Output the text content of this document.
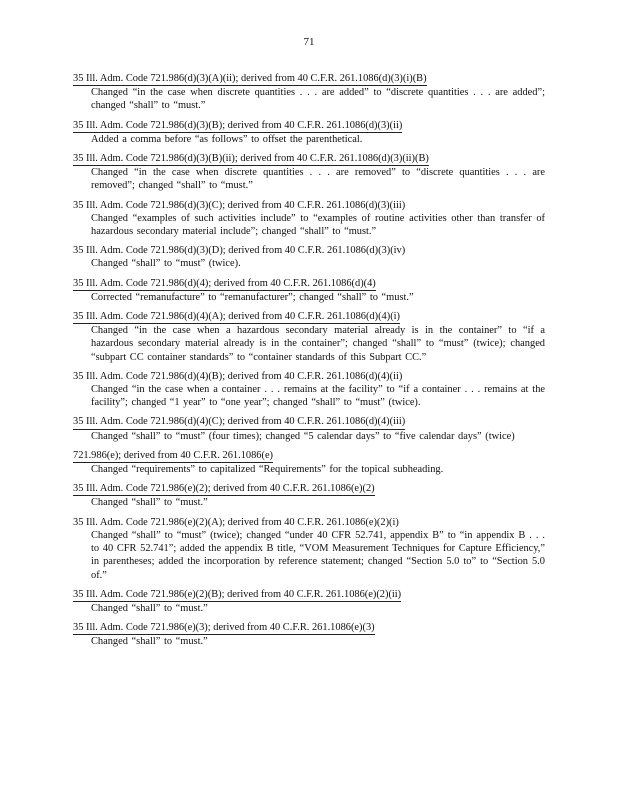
71
35 Ill. Adm. Code 721.986(d)(3)(A)(ii); derived from 40 C.F.R. 261.1086(d)(3)(i)(B)
Changed “in the case when discrete quantities . . . are added” to “discrete quantities . . . are added”; changed “shall” to “must.”
35 Ill. Adm. Code 721.986(d)(3)(B); derived from 40 C.F.R. 261.1086(d)(3)(ii)
Added a comma before “as follows” to offset the parenthetical.
35 Ill. Adm. Code 721.986(d)(3)(B)(ii); derived from 40 C.F.R. 261.1086(d)(3)(ii)(B)
Changed “in the case when discrete quantities . . . are removed” to “discrete quantities . . . are removed”; changed “shall” to “must.”
35 Ill. Adm. Code 721.986(d)(3)(C); derived from 40 C.F.R. 261.1086(d)(3)(iii)
Changed “examples of such activities include” to “examples of routine activities other than transfer of hazardous secondary material include”; changed “shall” to “must.”
35 Ill. Adm. Code 721.986(d)(3)(D); derived from 40 C.F.R. 261.1086(d)(3)(iv)
Changed “shall” to “must” (twice).
35 Ill. Adm. Code 721.986(d)(4); derived from 40 C.F.R. 261.1086(d)(4)
Corrected “remanufacture” to “remanufacturer”; changed “shall” to “must.”
35 Ill. Adm. Code 721.986(d)(4)(A); derived from 40 C.F.R. 261.1086(d)(4)(i)
Changed “in the case when a hazardous secondary material already is in the container” to “if a hazardous secondary material already is in the container”; changed “shall” to “must” (twice); changed “subpart CC container standards” to “container standards of this Subpart CC.”
35 Ill. Adm. Code 721.986(d)(4)(B); derived from 40 C.F.R. 261.1086(d)(4)(ii)
Changed “in the case when a container . . . remains at the facility” to “if a container . . . remains at the facility”; changed “1 year” to “one year”; changed “shall” to “must” (twice).
35 Ill. Adm. Code 721.986(d)(4)(C); derived from 40 C.F.R. 261.1086(d)(4)(iii)
Changed “shall” to “must” (four times); changed “5 calendar days” to “five calendar days” (twice)
721.986(e); derived from 40 C.F.R. 261.1086(e)
Changed “requirements” to capitalized “Requirements” for the topical subheading.
35 Ill. Adm. Code 721.986(e)(2); derived from 40 C.F.R. 261.1086(e)(2)
Changed “shall” to “must.”
35 Ill. Adm. Code 721.986(e)(2)(A); derived from 40 C.F.R. 261.1086(e)(2)(i)
Changed “shall” to “must” (twice); changed “under 40 CFR 52.741, appendix B” to “in appendix B . . . to 40 CFR 52.741”; added the appendix B title, “VOM Measurement Techniques for Capture Efficiency,” in parentheses; added the incorporation by reference statement; changed “Section 5.0 to” to “Section 5.0 of.”
35 Ill. Adm. Code 721.986(e)(2)(B); derived from 40 C.F.R. 261.1086(e)(2)(ii)
Changed “shall” to “must.”
35 Ill. Adm. Code 721.986(e)(3); derived from 40 C.F.R. 261.1086(e)(3)
Changed “shall” to “must.”
